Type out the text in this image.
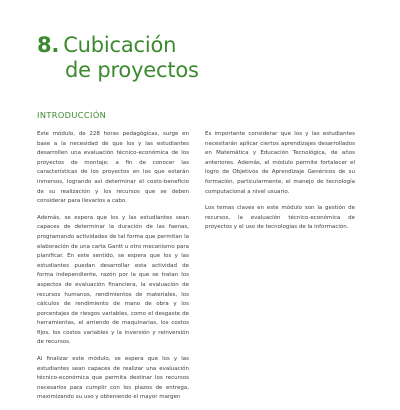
8. Cubicación
de proyectos
INTRODUCCIÓN

Este módulo, de 228 horas pedagógicas, surge en base a la necesidad de que los y las estudiantes desarrollen una evaluación técnico-económica de los proyectos de montaje; a fin de conocer las características de los proyectos en los que estarán inmersos, logrando así determinar el costo-beneficio de su realización y los recursos que se deben considerar para llevarlos a cabo.

Además, se espera que los y las estudiantes sean capaces de determinar la duración de las faenas, programando actividades de tal forma que permitan la elaboración de una carta Gantt u otro mecanismo para planificar. En este sentido, se espera que los y las estudiantes puedan desarrollar esta actividad de forma independiente, razón por la que se tratan los aspectos de evaluación financiera, la evaluación de recursos humanos, rendimientos de materiales, los cálculos de rendimiento de mano de obra y los porcentajes de riesgos variables, como el desgaste de herramientas, el arriendo de maquinarias, los costos fijos, los costos variables y la inversión y reinversión de recursos.

Al finalizar este módulo, se espera que los y las estudiantes sean capaces de realizar una evaluación técnico-económica que permita destinar los recursos necesarios para cumplir con los plazos de entrega, maximizando su uso y obteniendo el mayor margen

Es importante considerar que los y las estudiantes necesitarán aplicar ciertos aprendizajes desarrollados en Matemática y Educación Tecnológica, de años anteriores. Además, el módulo permite fortalecer el logro de Objetivos de Aprendizaje Genéricos de su formación, particularmente, el manejo de tecnología computacional a nivel usuario.

Los temas claves en este módulo son la gestión de recursos, la evaluación técnico-económica de proyectos y el uso de tecnologías de la información.
